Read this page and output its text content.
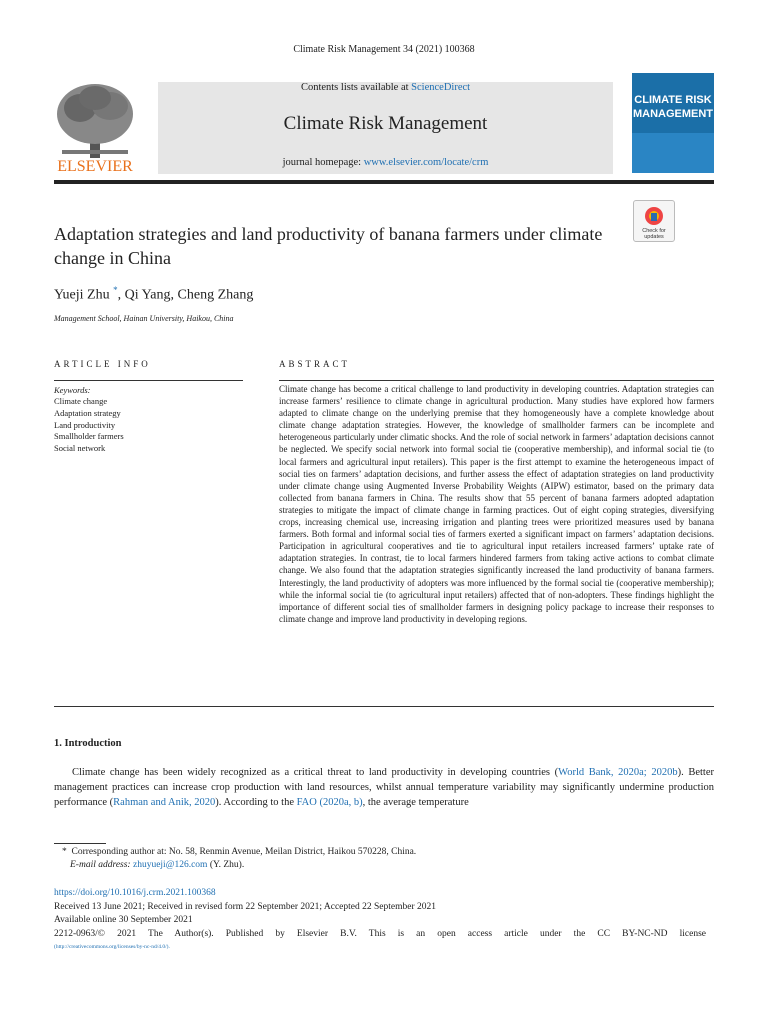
Climate Risk Management 34 (2021) 100368
ELSEVIER
Contents lists available at ScienceDirect
Climate Risk Management
journal homepage: www.elsevier.com/locate/crm
CLIMATE RISK
MANAGEMENT
Check for
updates
Adaptation strategies and land productivity of banana farmers under climate change in China
Yueji Zhu *, Qi Yang, Cheng Zhang
Management School, Hainan University, Haikou, China
ARTICLE INFO	ABSTRACT
Keywords:
Climate change
Adaptation strategy
Land productivity
Smallholder farmers
Social network
Climate change has become a critical challenge to land productivity in developing countries. Adaptation strategies can increase farmers’ resilience to climate change in agricultural production. Many studies have explored how farmers adapted to climate change on the underlying premise that they homogeneously have a complete knowledge about climate change adaptation strategies. However, the knowledge of smallholder farmers can be incomplete and heterogeneous particularly under climatic shocks. And the role of social network in farmers’ adaptation decisions cannot be neglected. We specify social network into formal social tie (cooperative membership), and informal social tie (to local farmers and agricultural input retailers). This paper is the first attempt to examine the heterogeneous impact of social ties on farmers’ adaptation decisions, and further assess the effect of adaptation strategies on land productivity under climate change using Augmented Inverse Probability Weights (AIPW) estimator, based on the primary data collected from banana farmers in China. The results show that 55 percent of banana farmers adopted adaptation strategies to mitigate the impact of climate change in farming practices. Out of eight coping strategies, diversifying crops, increasing chemical use, increasing irrigation and planting trees were prioritized measures used by banana farmers. Both formal and informal social ties of farmers exerted a significant impact on farmers’ adaptation decisions. Participation in agricultural cooperatives and tie to agricultural input retailers increased farmers’ uptake rate of adaptation strategies. In contrast, tie to local farmers hindered farmers from taking active actions to combat climate change. We also found that the adaptation strategies significantly increased the land productivity of banana farmers. Interestingly, the land productivity of adopters was more influenced by the formal social tie (cooperative membership); while the informal social tie (to agricultural input retailers) affected that of non-adopters. These findings highlight the importance of different social ties of smallholder farmers in designing policy package to increase their responses to climate change and improve land productivity in developing regions.
1. Introduction

Climate change has been widely recognized as a critical threat to land productivity in developing countries (World Bank, 2020a; 2020b). Better management practices can increase crop production with land resources, whilst annual temperature variability may significantly undermine production performance (Rahman and Anik, 2020). According to the FAO (2020a, b), the average temperature

* Corresponding author at: No. 58, Renmin Avenue, Meilan District, Haikou 570228, China.
E-mail address: zhuyueji@126.com (Y. Zhu).
https://doi.org/10.1016/j.crm.2021.100368
Received 13 June 2021; Received in revised form 22 September 2021; Accepted 22 September 2021
Available online 30 September 2021
2212-0963/© 2021 The Author(s). Published by Elsevier B.V. This is an open access article under the CC BY-NC-ND license
(http://creativecommons.org/licenses/by-nc-nd/4.0/).
